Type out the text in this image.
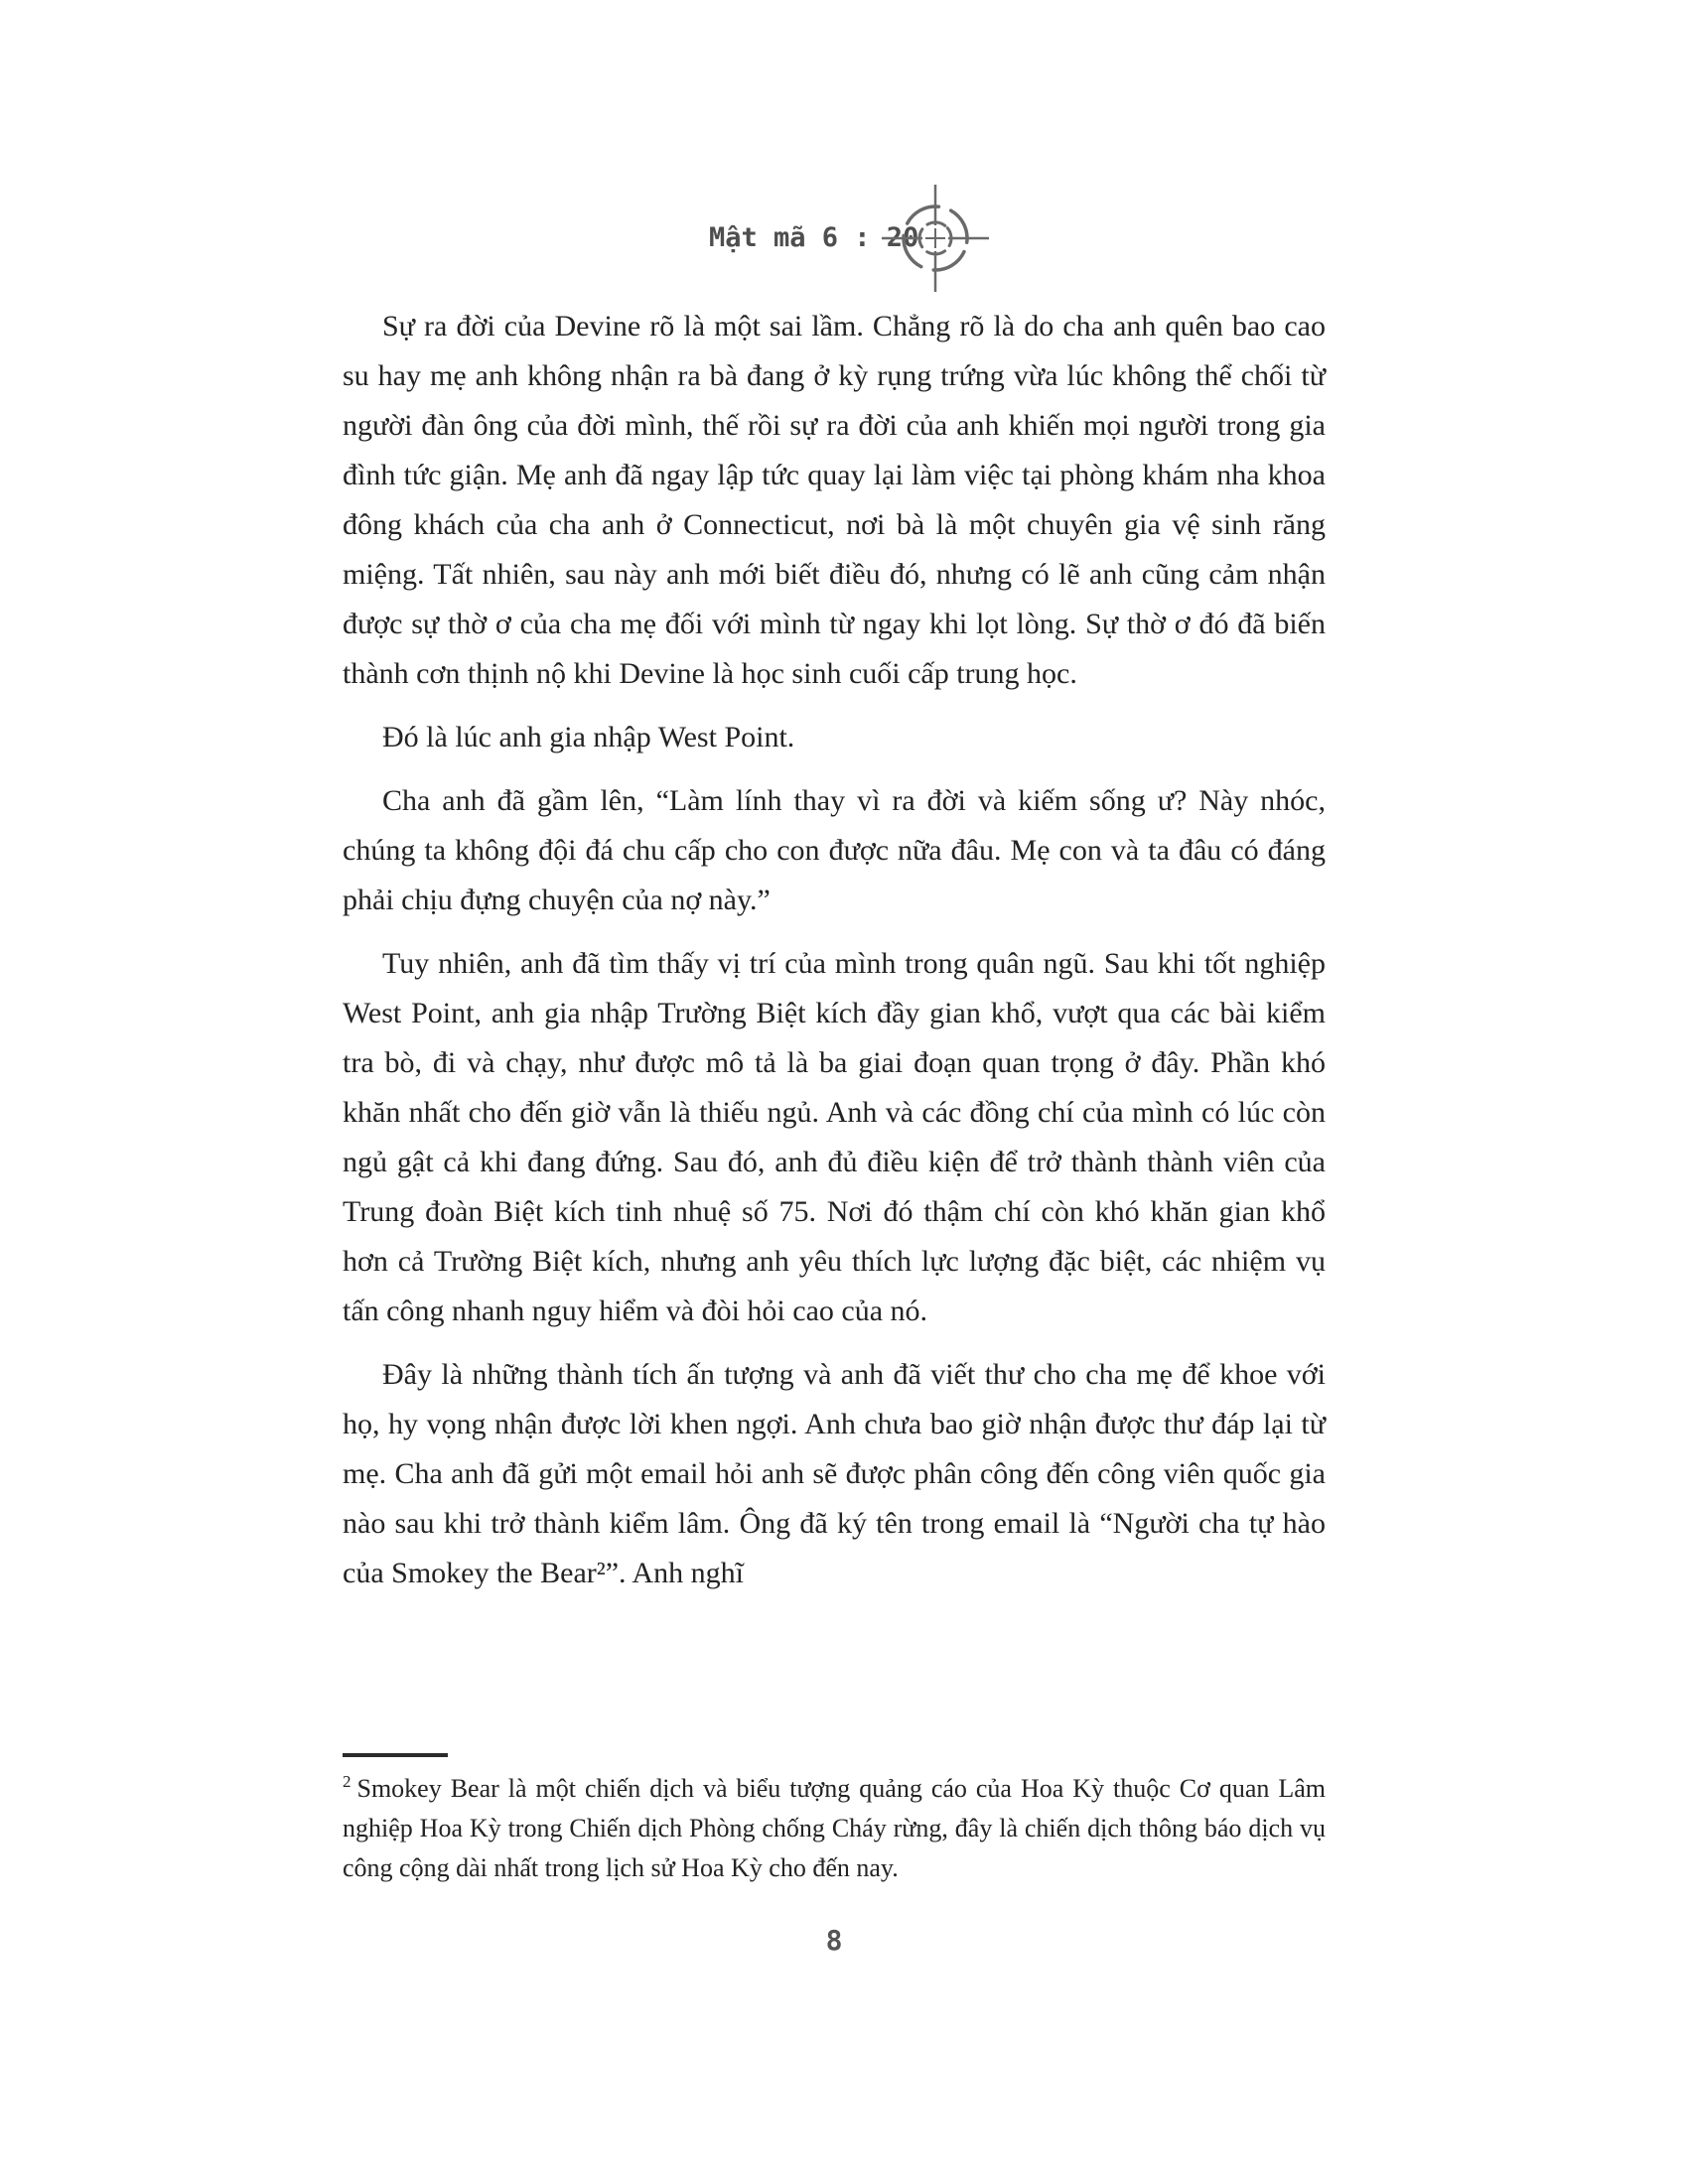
Mật mã 6 : 20

Sự ra đời của Devine rõ là một sai lầm. Chẳng rõ là do cha anh quên bao cao su hay mẹ anh không nhận ra bà đang ở kỳ rụng trứng vừa lúc không thể chối từ người đàn ông của đời mình, thế rồi sự ra đời của anh khiến mọi người trong gia đình tức giận. Mẹ anh đã ngay lập tức quay lại làm việc tại phòng khám nha khoa đông khách của cha anh ở Connecticut, nơi bà là một chuyên gia vệ sinh răng miệng. Tất nhiên, sau này anh mới biết điều đó, nhưng có lẽ anh cũng cảm nhận được sự thờ ơ của cha mẹ đối với mình từ ngay khi lọt lòng. Sự thờ ơ đó đã biến thành cơn thịnh nộ khi Devine là học sinh cuối cấp trung học.

Đó là lúc anh gia nhập West Point.

Cha anh đã gầm lên, “Làm lính thay vì ra đời và kiếm sống ư? Này nhóc, chúng ta không đội đá chu cấp cho con được nữa đâu. Mẹ con và ta đâu có đáng phải chịu đựng chuyện của nợ này.”

Tuy nhiên, anh đã tìm thấy vị trí của mình trong quân ngũ. Sau khi tốt nghiệp West Point, anh gia nhập Trường Biệt kích đầy gian khổ, vượt qua các bài kiểm tra bò, đi và chạy, như được mô tả là ba giai đoạn quan trọng ở đây. Phần khó khăn nhất cho đến giờ vẫn là thiếu ngủ. Anh và các đồng chí của mình có lúc còn ngủ gật cả khi đang đứng. Sau đó, anh đủ điều kiện để trở thành thành viên của Trung đoàn Biệt kích tinh nhuệ số 75. Nơi đó thậm chí còn khó khăn gian khổ hơn cả Trường Biệt kích, nhưng anh yêu thích lực lượng đặc biệt, các nhiệm vụ tấn công nhanh nguy hiểm và đòi hỏi cao của nó.

Đây là những thành tích ấn tượng và anh đã viết thư cho cha mẹ để khoe với họ, hy vọng nhận được lời khen ngợi. Anh chưa bao giờ nhận được thư đáp lại từ mẹ. Cha anh đã gửi một email hỏi anh sẽ được phân công đến công viên quốc gia nào sau khi trở thành kiểm lâm. Ông đã ký tên trong email là “Người cha tự hào của Smokey the Bear²”. Anh nghĩ

$^2$ Smokey Bear là một chiến dịch và biểu tượng quảng cáo của Hoa Kỳ thuộc Cơ quan Lâm nghiệp Hoa Kỳ trong Chiến dịch Phòng chống Cháy rừng, đây là chiến dịch thông báo dịch vụ công cộng dài nhất trong lịch sử Hoa Kỳ cho đến nay.
8
